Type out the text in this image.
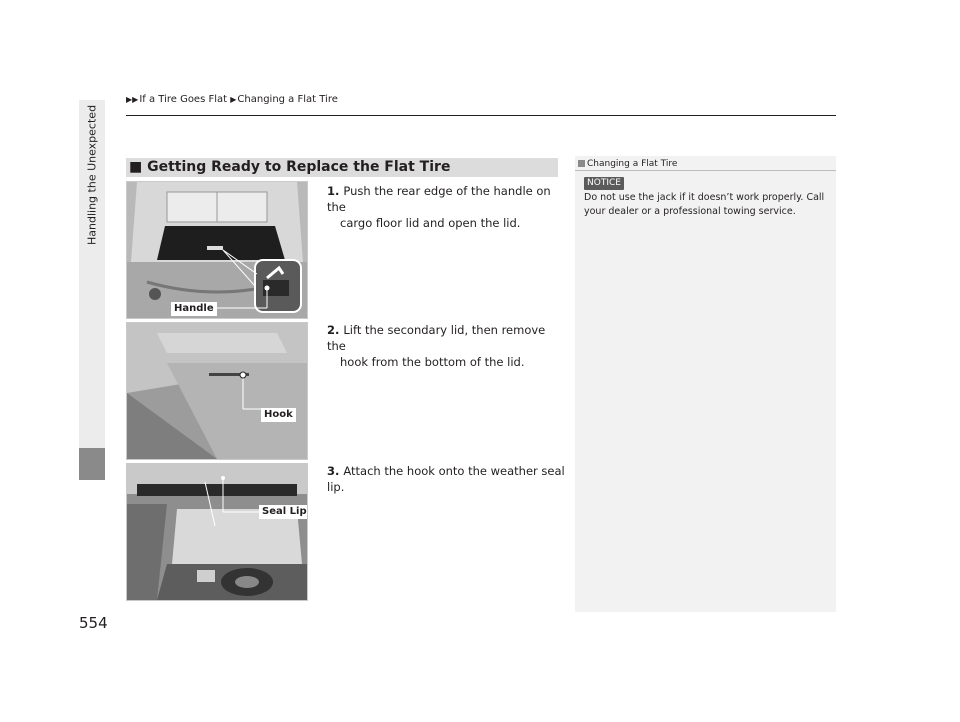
▶▶If a Tire Goes Flat ▶Changing a Flat Tire
Handling the Unexpected
554
■ Getting Ready to Replace the Flat Tire
Handle
1. Push the rear edge of the handle on the
cargo floor lid and open the lid.
Hook
2. Lift the secondary lid, then remove the
hook from the bottom of the lid.
Seal Lip
3. Attach the hook onto the weather seal lip.
Changing a Flat Tire
NOTICE
Do not use the jack if it doesn’t work properly. Call
your dealer or a professional towing service.
